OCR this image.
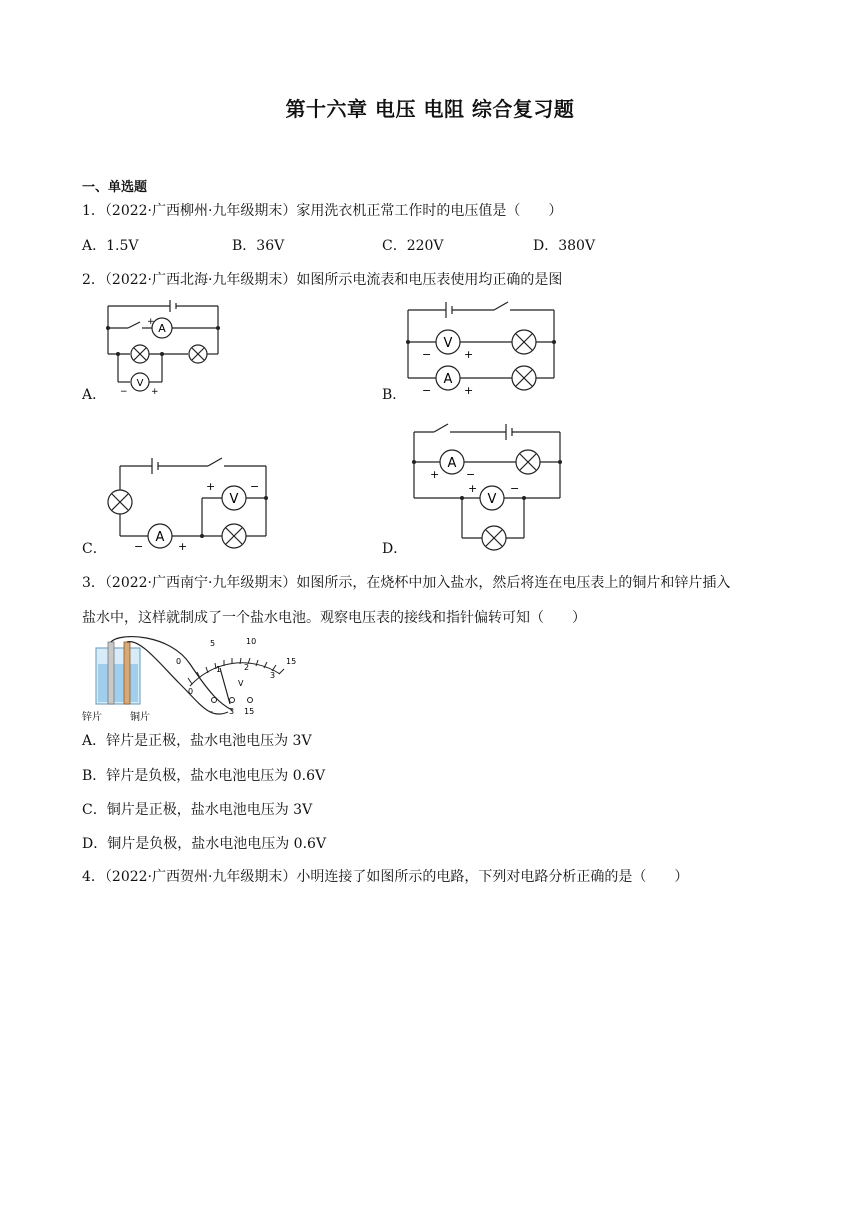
第十六章 电压 电阻 综合复习题
一、单选题
1．（2022·广西柳州·九年级期末）家用洗衣机正常工作时的电压值是（　　）
A．1.5V	B．36V	C．220V	D．380V
2．（2022·广西北海·九年级期末）如图所示电流表和电压表使用均正确的是图
A．	B．
C．	D．
A
V
+
−	+
V
A
−	+
−	+
A
V
−	+
+	−
A
V
+ −
+	−
3．（2022·广西南宁·九年级期末）如图所示，在烧杯中加入盐水，然后将连在电压表上的铜片和锌片插入
盐水中，这样就制成了一个盐水电池。观察电压表的接线和指针偏转可知（　　）
0
5	10
15
0
1	2
3
V
- 3 15
锌片	铜片
A．锌片是正极，盐水电池电压为 3V
B．锌片是负极，盐水电池电压为 0.6V
C．铜片是正极，盐水电池电压为 3V
D．铜片是负极，盐水电池电压为 0.6V
4．（2022·广西贺州·九年级期末）小明连接了如图所示的电路，下列对电路分析正确的是（　　）
